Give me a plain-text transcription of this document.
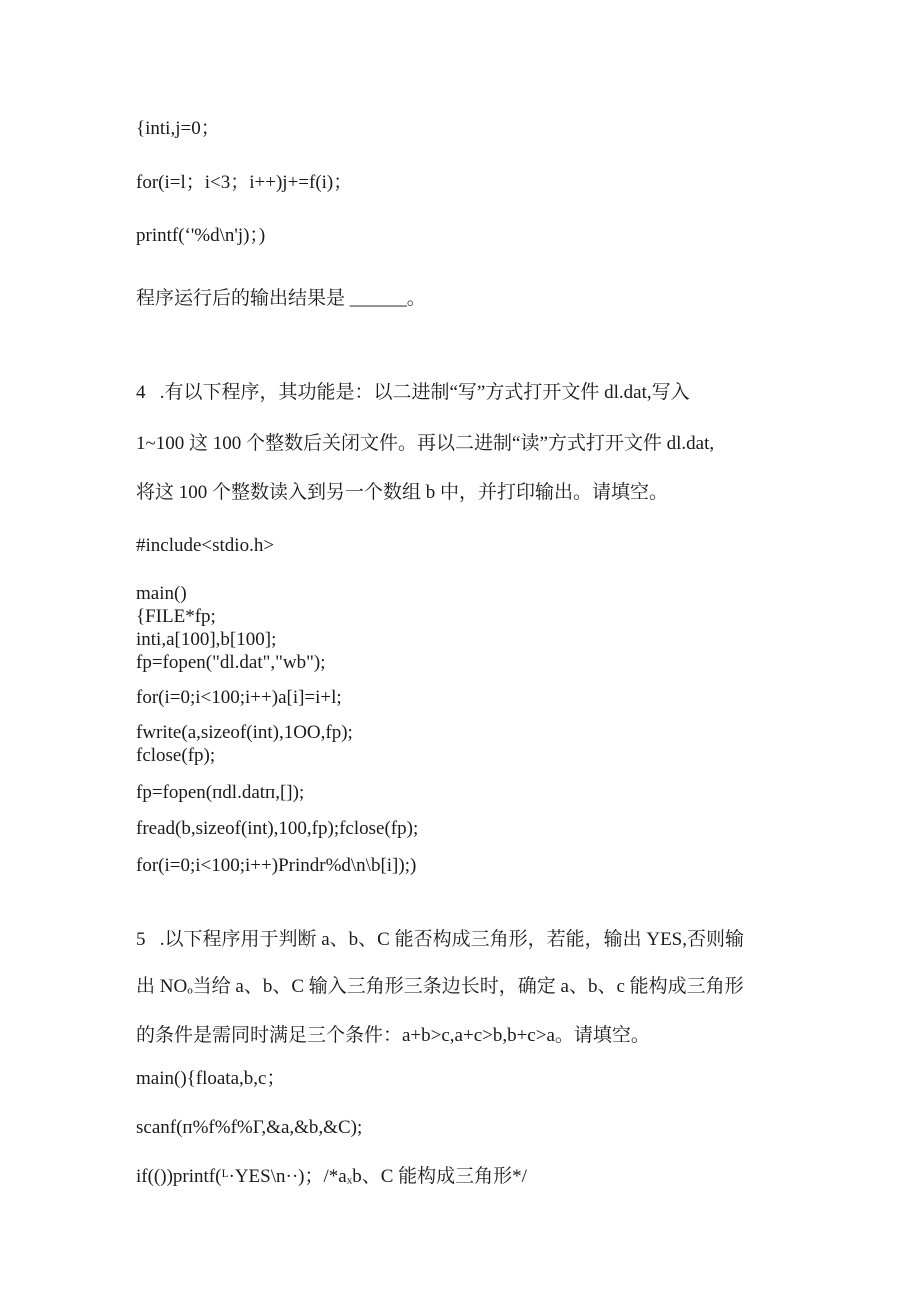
{inti,j=0；

for(i=l；i<3；i++)j+=f(i)；

printf(‘'%d\n'j)；)

程序运行后的输出结果是 ______。

4   .有以下程序，其功能是：以二进制“写”方式打开文件 dl.dat,写入

1~100 这 100 个整数后关闭文件。再以二进制“读”方式打开文件 dl.dat,

将这 100 个整数读入到另一个数组 b 中，并打印输出。请填空。

#include<stdio.h>

main()

{FILE*fp;

inti,a[100],b[100];

fp=fopen("dl.dat","wb");

for(i=0;i<100;i++)a[i]=i+l;

fwrite(a,sizeof(int),1OO,fp);

fclose(fp);

fp=fopen(ᴨdl.datᴨ,[]);

fread(b,sizeof(int),100,fp);fclose(fp);

for(i=0;i<100;i++)Prindr%d\n\b[i]);)

5   .以下程序用于判断 a、b、C 能否构成三角形，若能，输出 YES,否则输

出 NOₒ当给 a、b、C 输入三角形三条边长时，确定 a、b、c 能构成三角形

的条件是需同时满足三个条件：a+b>c,a+c>b,b+c>a。请填空。

main(){floata,b,c；

scanf(ᴨ%f%f%Γ,&a,&b,&C);

if(())printf(ᴸ·YES\n··)；/*aₓb、C 能构成三角形*/
